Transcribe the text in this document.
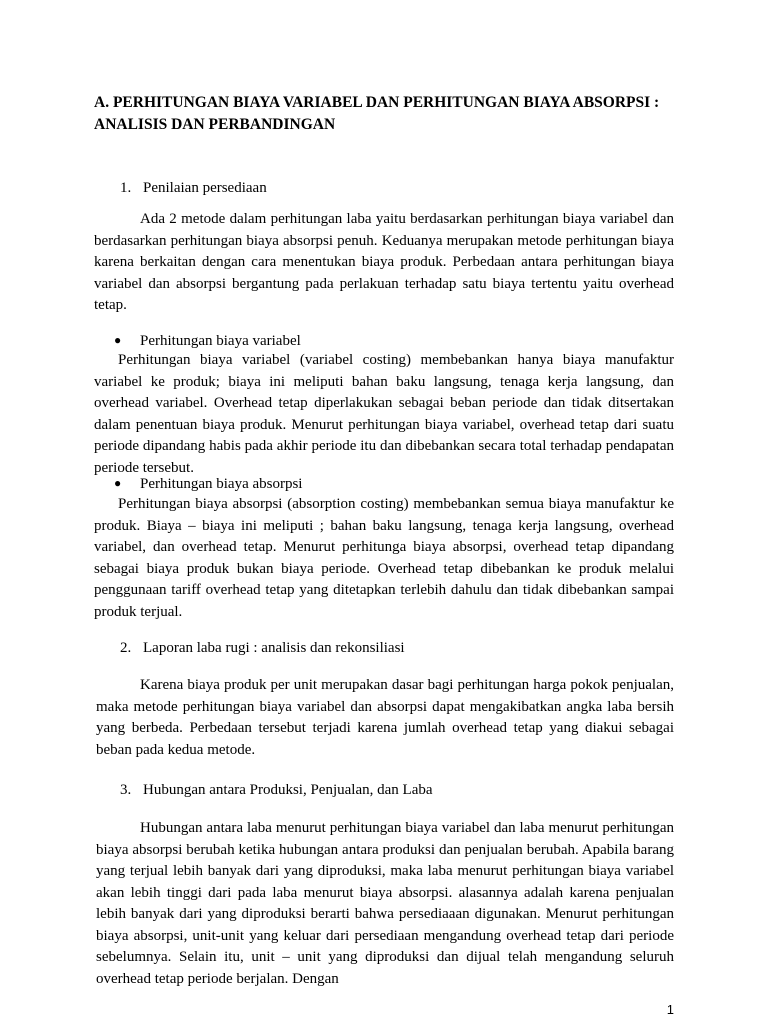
A. PERHITUNGAN BIAYA VARIABEL DAN PERHITUNGAN BIAYA ABSORPSI : ANALISIS DAN PERBANDINGAN

1. Penilaian persediaan

Ada 2 metode dalam perhitungan laba yaitu berdasarkan perhitungan biaya variabel dan berdasarkan perhitungan biaya absorpsi penuh. Keduanya merupakan metode perhitungan biaya karena berkaitan dengan cara menentukan biaya produk. Perbedaan antara perhitungan biaya variabel dan absorpsi bergantung pada perlakuan terhadap satu biaya tertentu yaitu overhead tetap.

● Perhitungan biaya variabel

Perhitungan biaya variabel (variabel costing) membebankan hanya biaya manufaktur variabel ke produk; biaya ini meliputi bahan baku langsung, tenaga kerja langsung, dan overhead variabel. Overhead tetap diperlakukan sebagai beban periode dan tidak ditsertakan dalam penentuan biaya produk. Menurut perhitungan biaya variabel, overhead tetap dari suatu periode dipandang habis pada akhir periode itu dan dibebankan secara total terhadap pendapatan periode tersebut.

● Perhitungan biaya absorpsi

Perhitungan biaya absorpsi (absorption costing) membebankan semua biaya manufaktur ke produk. Biaya – biaya ini meliputi ; bahan baku langsung, tenaga kerja langsung, overhead variabel, dan overhead tetap. Menurut perhitunga biaya absorpsi, overhead tetap dipandang sebagai biaya produk bukan biaya periode. Overhead tetap dibebankan ke produk melalui penggunaan tariff overhead tetap yang ditetapkan terlebih dahulu dan tidak dibebankan sampai produk terjual.

2. Laporan laba rugi : analisis dan rekonsiliasi

Karena biaya produk per unit merupakan dasar bagi perhitungan harga pokok penjualan, maka metode perhitungan biaya variabel dan absorpsi dapat mengakibatkan angka laba bersih yang berbeda. Perbedaan tersebut terjadi karena jumlah overhead tetap yang diakui sebagai beban pada kedua metode.

3. Hubungan antara Produksi, Penjualan, dan Laba

Hubungan antara laba menurut perhitungan biaya variabel dan laba menurut perhitungan biaya absorpsi berubah ketika hubungan antara produksi dan penjualan berubah. Apabila barang yang terjual lebih banyak dari yang diproduksi, maka laba menurut perhitungan biaya variabel akan lebih tinggi dari pada laba menurut biaya absorpsi. alasannya adalah karena penjualan lebih banyak dari yang diproduksi berarti bahwa persediaaan digunakan. Menurut perhitungan biaya absorpsi, unit-unit yang keluar dari persediaan mengandung overhead tetap dari periode sebelumnya. Selain itu, unit – unit yang diproduksi dan dijual telah mengandung seluruh overhead tetap periode berjalan. Dengan

1
